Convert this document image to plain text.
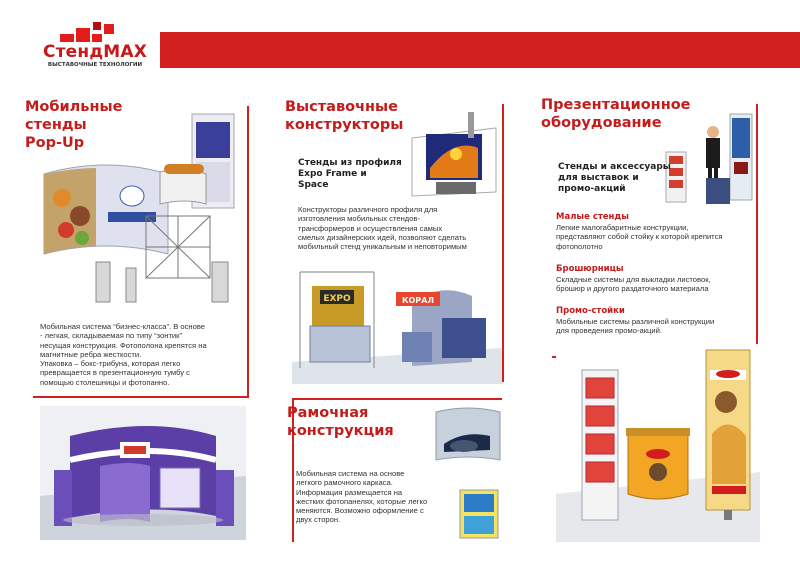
СтендMAX
ВЫСТАВОЧНЫЕ ТЕХНОЛОГИИ
Мобильные
стенды
Pop-Up
Мобильная система “бизнес-класса”. В основе
- легкая, складываемая по типу “зонтик”
несущая конструкция. Фотополона крепятся на
магнитные ребра жесткости.
Упаковка – бокс-трибуна, которая легко
превращается в презентационную тумбу с
помощью столешницы и фотопанно.
Выставочные
конструкторы
Стенды из профиля
Expo Frame и
Space
Конструкторы различного профиля для
изготовления мобильных стендов-
трансформеров и осуществления самых
смелых дизайнерских идей, позволяют сделать
мобильный стенд уникальным и неповторимым
EXPO	КОРАЛ
Рамочная
конструкция
Мобильная система на основе
легкого рамочного каркаса.
Информация размещается на
жестких фотопанелях, которые легко
меняются. Возможно оформление с
двух сторон.
Презентационное
оборудование
Стенды и аксессуары
для выставок и
промо-акций
Малые стенды
Легкие малогабаритные конструкции,
представляют собой стойку к которой крепится
фотополотно
Брошюрницы
Складные системы для выкладки листовок,
брошюр и другого раздаточного материала
Промо-стойки
Мобильные системы различной конструкции
для проведения промо-акций.
